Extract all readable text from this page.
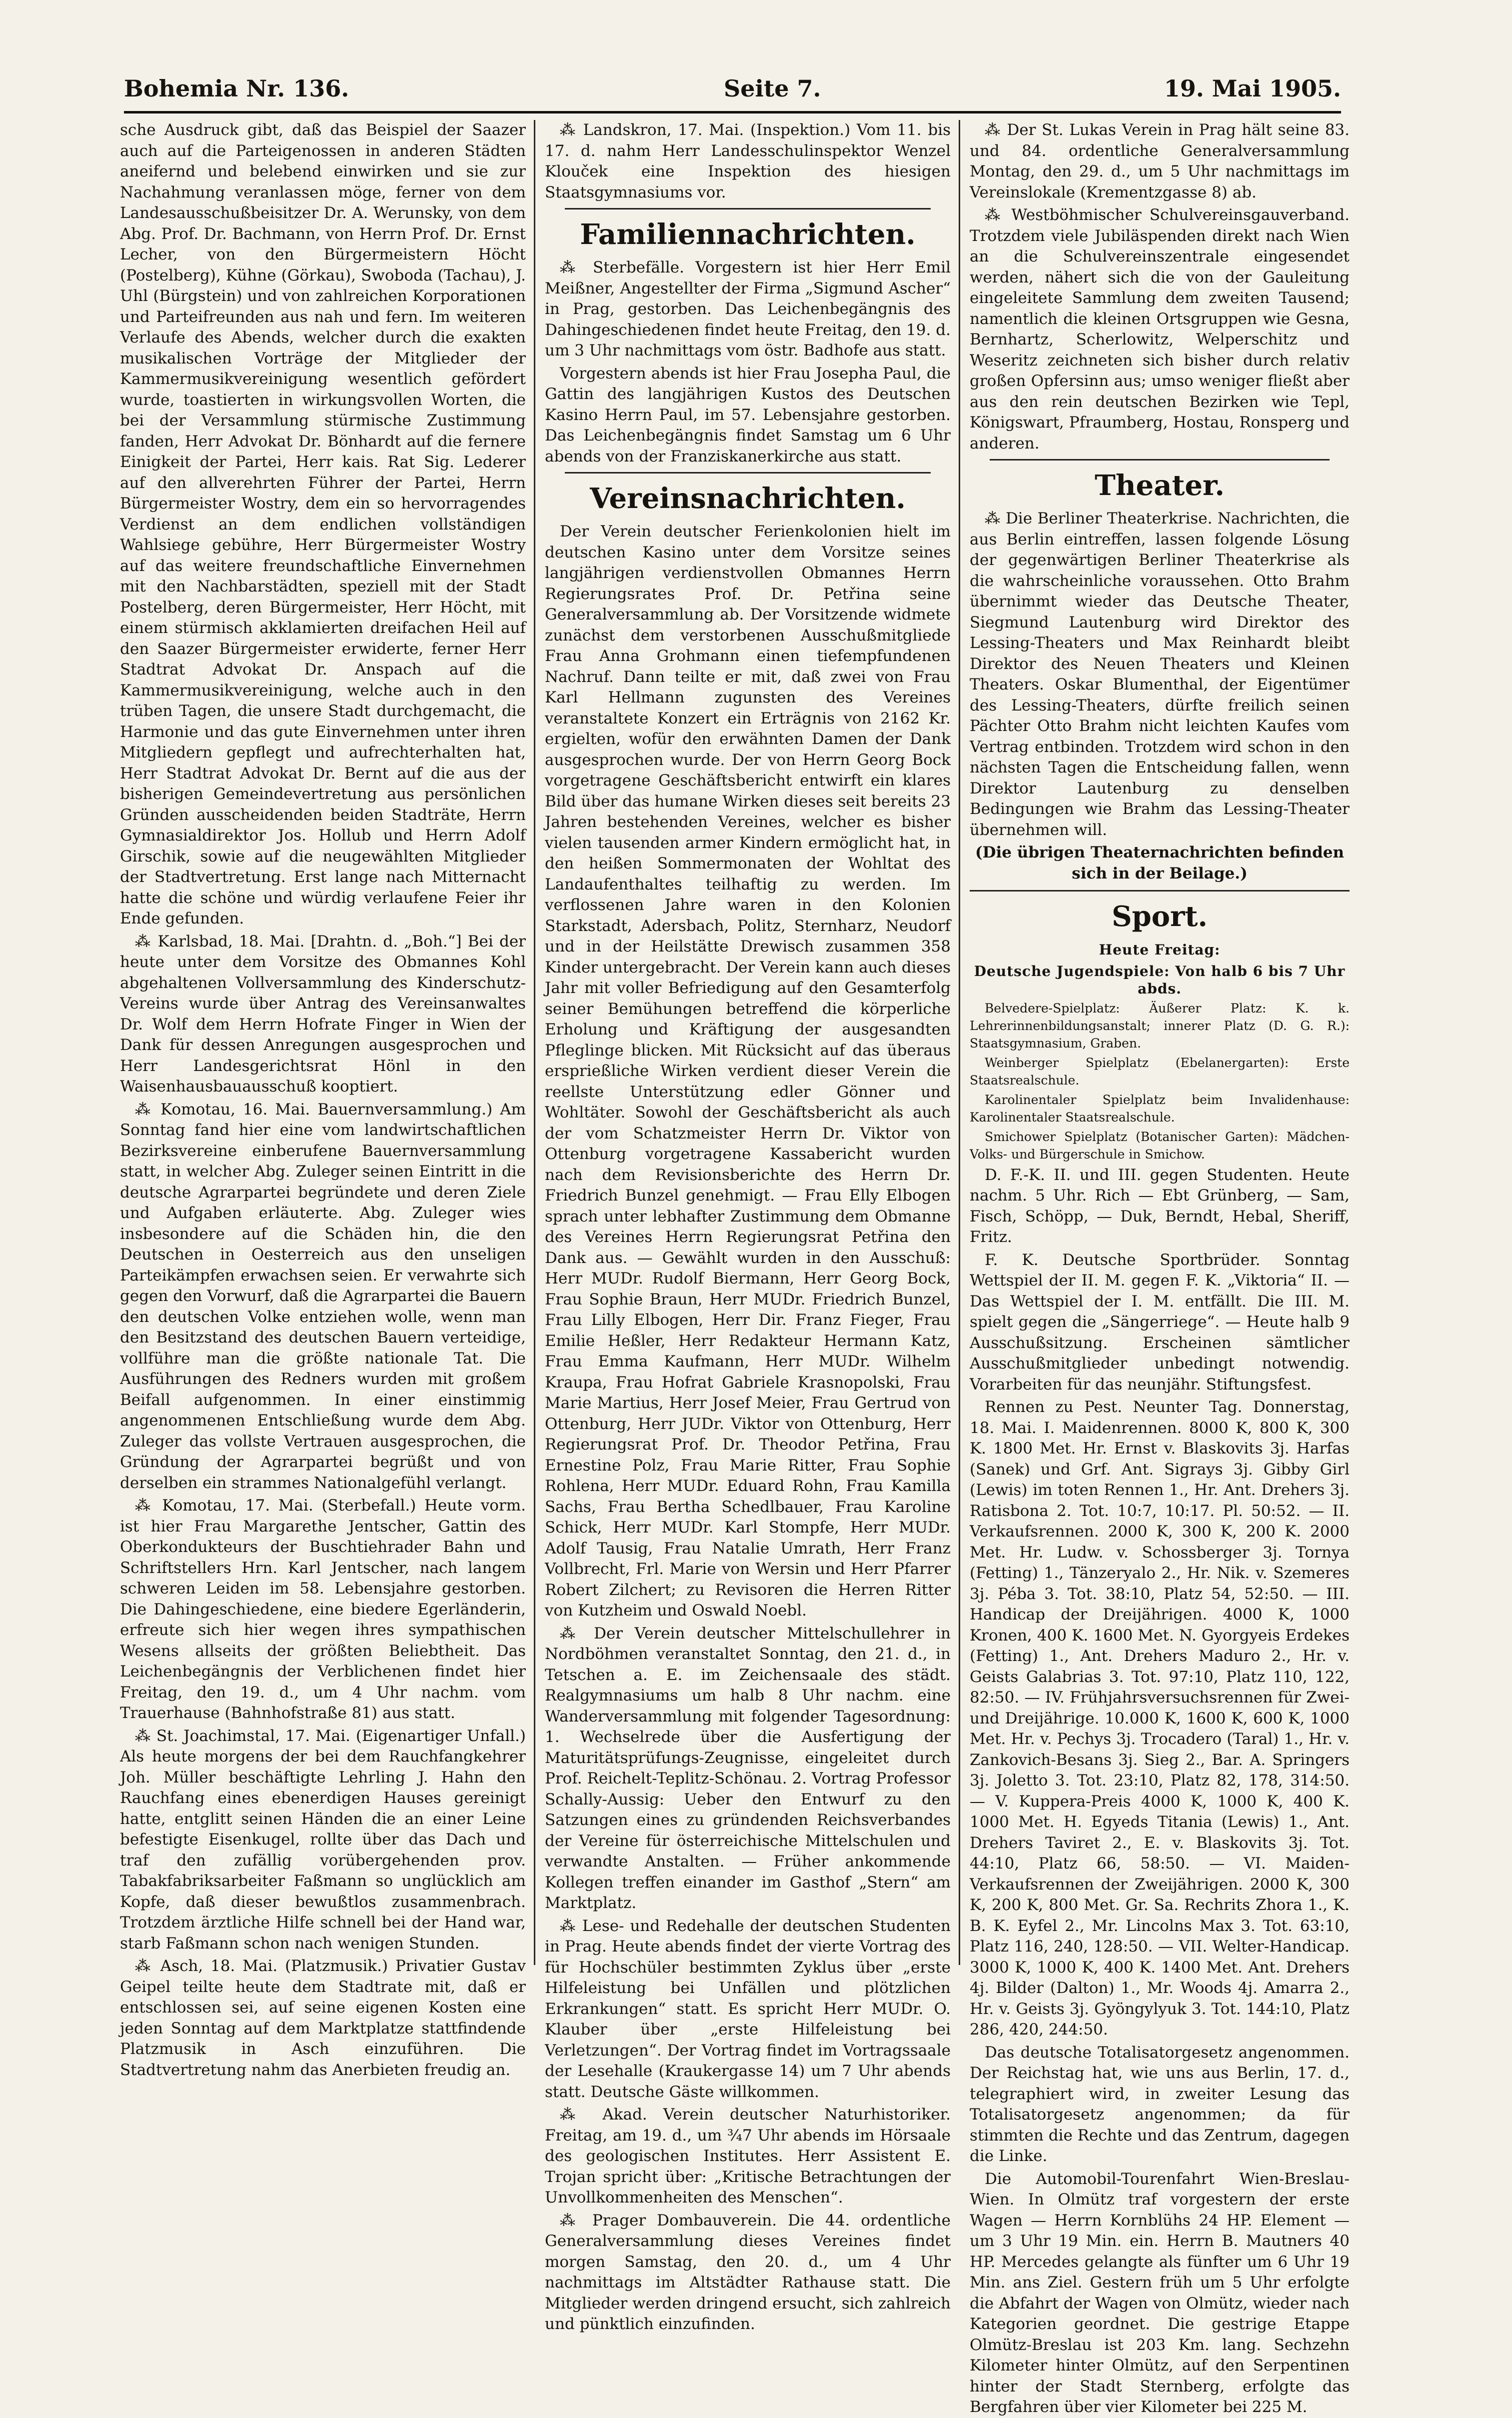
Bohemia Nr. 136.	Seite 7.	19. Mai 1905.

sche Ausdruck gibt, daß das Beispiel der Saazer auch auf die Parteigenossen in anderen Städten aneifernd und belebend einwirken und sie zur Nachahmung veranlassen möge, ferner von dem Landesausschußbeisitzer Dr. A. Werunsky, von dem Abg. Prof. Dr. Bachmann, von Herrn Prof. Dr. Ernst Lecher, von den Bürgermeistern Höcht (Postelberg), Kühne (Görkau), Swoboda (Tachau), J. Uhl (Bürgstein) und von zahlreichen Korporationen und Parteifreunden aus nah und fern. Im weiteren Verlaufe des Abends, welcher durch die exakten musikalischen Vorträge der Mitglieder der Kammermusikvereinigung wesentlich gefördert wurde, toastierten in wirkungsvollen Worten, die bei der Versammlung stürmische Zustimmung fanden, Herr Advokat Dr. Bönhardt auf die fernere Einigkeit der Partei, Herr kais. Rat Sig. Lederer auf den allverehrten Führer der Partei, Herrn Bürgermeister Wostry, dem ein so hervorragendes Verdienst an dem endlichen vollständigen Wahlsiege gebühre, Herr Bürgermeister Wostry auf das weitere freundschaftliche Einvernehmen mit den Nachbarstädten, speziell mit der Stadt Postelberg, deren Bürgermeister, Herr Höcht, mit einem stürmisch akklamierten dreifachen Heil auf den Saazer Bürgermeister erwiderte, ferner Herr Stadtrat Advokat Dr. Anspach auf die Kammermusikvereinigung, welche auch in den trüben Tagen, die unsere Stadt durchgemacht, die Harmonie und das gute Einvernehmen unter ihren Mitgliedern gepflegt und aufrechterhalten hat, Herr Stadtrat Advokat Dr. Bernt auf die aus der bisherigen Gemeindevertretung aus persönlichen Gründen ausscheidenden beiden Stadträte, Herrn Gymnasialdirektor Jos. Hollub und Herrn Adolf Girschik, sowie auf die neugewählten Mitglieder der Stadtvertretung. Erst lange nach Mitternacht hatte die schöne und würdig verlaufene Feier ihr Ende gefunden.

⁂ Karlsbad, 18. Mai. [Drahtn. d. „Boh.“] Bei der heute unter dem Vorsitze des Obmannes Kohl abgehaltenen Vollversammlung des Kinderschutz-Vereins wurde über Antrag des Vereinsanwaltes Dr. Wolf dem Herrn Hofrate Finger in Wien der Dank für dessen Anregungen ausgesprochen und Herr Landesgerichtsrat Hönl in den Waisenhausbauausschuß kooptiert.

⁂ Komotau, 16. Mai. Bauernversammlung.) Am Sonntag fand hier eine vom landwirtschaftlichen Bezirksvereine einberufene Bauernversammlung statt, in welcher Abg. Zuleger seinen Eintritt in die deutsche Agrarpartei begründete und deren Ziele und Aufgaben erläuterte. Abg. Zuleger wies insbesondere auf die Schäden hin, die den Deutschen in Oesterreich aus den unseligen Parteikämpfen erwachsen seien. Er verwahrte sich gegen den Vorwurf, daß die Agrarpartei die Bauern den deutschen Volke entziehen wolle, wenn man den Besitzstand des deutschen Bauern verteidige, vollführe man die größte nationale Tat. Die Ausführungen des Redners wurden mit großem Beifall aufgenommen. In einer einstimmig angenommenen Entschließung wurde dem Abg. Zuleger das vollste Vertrauen ausgesprochen, die Gründung der Agrarpartei begrüßt und von derselben ein strammes Nationalgefühl verlangt.

⁂ Komotau, 17. Mai. (Sterbefall.) Heute vorm. ist hier Frau Margarethe Jentscher, Gattin des Oberkondukteurs der Buschtiehrader Bahn und Schriftstellers Hrn. Karl Jentscher, nach langem schweren Leiden im 58. Lebensjahre gestorben. Die Dahingeschiedene, eine biedere Egerländerin, erfreute sich hier wegen ihres sympathischen Wesens allseits der größten Beliebtheit. Das Leichenbegängnis der Verblichenen findet hier Freitag, den 19. d., um 4 Uhr nachm. vom Trauerhause (Bahnhofstraße 81) aus statt.

⁂ St. Joachimstal, 17. Mai. (Eigenartiger Unfall.) Als heute morgens der bei dem Rauchfangkehrer Joh. Müller beschäftigte Lehrling J. Hahn den Rauchfang eines ebenerdigen Hauses gereinigt hatte, entglitt seinen Händen die an einer Leine befestigte Eisenkugel, rollte über das Dach und traf den zufällig vorübergehenden prov. Tabakfabriksarbeiter Faßmann so unglücklich am Kopfe, daß dieser bewußtlos zusammenbrach. Trotzdem ärztliche Hilfe schnell bei der Hand war, starb Faßmann schon nach wenigen Stunden.

⁂ Asch, 18. Mai. (Platzmusik.) Privatier Gustav Geipel teilte heute dem Stadtrate mit, daß er entschlossen sei, auf seine eigenen Kosten eine jeden Sonntag auf dem Marktplatze stattfindende Platzmusik in Asch einzuführen. Die Stadtvertretung nahm das Anerbieten freudig an.

⁂ Landskron, 17. Mai. (Inspektion.) Vom 11. bis 17. d. nahm Herr Landesschulinspektor Wenzel Klouček eine Inspektion des hiesigen Staatsgymnasiums vor.

Familiennachrichten.

⁂ Sterbefälle. Vorgestern ist hier Herr Emil Meißner, Angestellter der Firma „Sigmund Ascher“ in Prag, gestorben. Das Leichenbegängnis des Dahingeschiedenen findet heute Freitag, den 19. d. um 3 Uhr nachmittags vom östr. Badhofe aus statt.

Vorgestern abends ist hier Frau Josepha Paul, die Gattin des langjährigen Kustos des Deutschen Kasino Herrn Paul, im 57. Lebensjahre gestorben. Das Leichenbegängnis findet Samstag um 6 Uhr abends von der Franziskanerkirche aus statt.

Vereinsnachrichten.

Der Verein deutscher Ferienkolonien hielt im deutschen Kasino unter dem Vorsitze seines langjährigen verdienstvollen Obmannes Herrn Regierungsrates Prof. Dr. Petřina seine Generalversammlung ab. Der Vorsitzende widmete zunächst dem verstorbenen Ausschußmitgliede Frau Anna Grohmann einen tiefempfundenen Nachruf. Dann teilte er mit, daß zwei von Frau Karl Hellmann zugunsten des Vereines veranstaltete Konzert ein Erträgnis von 2162 Kr. ergielten, wofür den erwähnten Damen der Dank ausgesprochen wurde. Der von Herrn Georg Bock vorgetragene Geschäftsbericht entwirft ein klares Bild über das humane Wirken dieses seit bereits 23 Jahren bestehenden Vereines, welcher es bisher vielen tausenden armer Kindern ermöglicht hat, in den heißen Sommermonaten der Wohltat des Landaufenthaltes teilhaftig zu werden. Im verflossenen Jahre waren in den Kolonien Starkstadt, Adersbach, Politz, Sternharz, Neudorf und in der Heilstätte Drewisch zusammen 358 Kinder untergebracht. Der Verein kann auch dieses Jahr mit voller Befriedigung auf den Gesamterfolg seiner Bemühungen betreffend die körperliche Erholung und Kräftigung der ausgesandten Pfleglinge blicken. Mit Rücksicht auf das überaus ersprießliche Wirken verdient dieser Verein die reellste Unterstützung edler Gönner und Wohltäter. Sowohl der Geschäftsbericht als auch der vom Schatzmeister Herrn Dr. Viktor von Ottenburg vorgetragene Kassabericht wurden nach dem Revisionsberichte des Herrn Dr. Friedrich Bunzel genehmigt. — Frau Elly Elbogen sprach unter lebhafter Zustimmung dem Obmanne des Vereines Herrn Regierungsrat Petřina den Dank aus. — Gewählt wurden in den Ausschuß: Herr MUDr. Rudolf Biermann, Herr Georg Bock, Frau Sophie Braun, Herr MUDr. Friedrich Bunzel, Frau Lilly Elbogen, Herr Dir. Franz Fieger, Frau Emilie Heßler, Herr Redakteur Hermann Katz, Frau Emma Kaufmann, Herr MUDr. Wilhelm Kraupa, Frau Hofrat Gabriele Krasnopolski, Frau Marie Martius, Herr Josef Meier, Frau Gertrud von Ottenburg, Herr JUDr. Viktor von Ottenburg, Herr Regierungsrat Prof. Dr. Theodor Petřina, Frau Ernestine Polz, Frau Marie Ritter, Frau Sophie Rohlena, Herr MUDr. Eduard Rohn, Frau Kamilla Sachs, Frau Bertha Schedlbauer, Frau Karoline Schick, Herr MUDr. Karl Stompfe, Herr MUDr. Adolf Tausig, Frau Natalie Umrath, Herr Franz Vollbrecht, Frl. Marie von Wersin und Herr Pfarrer Robert Zilchert; zu Revisoren die Herren Ritter von Kutzheim und Oswald Noebl.

⁂ Der Verein deutscher Mittelschullehrer in Nordböhmen veranstaltet Sonntag, den 21. d., in Tetschen a. E. im Zeichensaale des städt. Realgymnasiums um halb 8 Uhr nachm. eine Wanderversammlung mit folgender Tagesordnung: 1. Wechselrede über die Ausfertigung der Maturitätsprüfungs-Zeugnisse, eingeleitet durch Prof. Reichelt-Teplitz-Schönau. 2. Vortrag Professor Schally-Aussig: Ueber den Entwurf zu den Satzungen eines zu gründenden Reichsverbandes der Vereine für österreichische Mittelschulen und verwandte Anstalten. — Früher ankommende Kollegen treffen einander im Gasthof „Stern“ am Marktplatz.

⁂ Lese- und Redehalle der deutschen Studenten in Prag. Heute abends findet der vierte Vortrag des für Hochschüler bestimmten Zyklus über „erste Hilfeleistung bei Unfällen und plötzlichen Erkrankungen“ statt. Es spricht Herr MUDr. O. Klauber über „erste Hilfeleistung bei Verletzungen“. Der Vortrag findet im Vortragssaale der Lesehalle (Kraukergasse 14) um 7 Uhr abends statt. Deutsche Gäste willkommen.

⁂ Akad. Verein deutscher Naturhistoriker. Freitag, am 19. d., um ¾7 Uhr abends im Hörsaale des geologischen Institutes. Herr Assistent E. Trojan spricht über: „Kritische Betrachtungen der Unvollkommenheiten des Menschen“.

⁂ Prager Dombauverein. Die 44. ordentliche Generalversammlung dieses Vereines findet morgen Samstag, den 20. d., um 4 Uhr nachmittags im Altstädter Rathause statt. Die Mitglieder werden dringend ersucht, sich zahlreich und pünktlich einzufinden.

⁂ Der St. Lukas Verein in Prag hält seine 83. und 84. ordentliche Generalversammlung Montag, den 29. d., um 5 Uhr nachmittags im Vereinslokale (Krementzgasse 8) ab.

⁂ Westböhmischer Schulvereinsgauverband. Trotzdem viele Jubiläspenden direkt nach Wien an die Schulvereinszentrale eingesendet werden, nähert sich die von der Gauleitung eingeleitete Sammlung dem zweiten Tausend; namentlich die kleinen Ortsgruppen wie Gesna, Bernhartz, Scherlowitz, Welperschitz und Weseritz zeichneten sich bisher durch relativ großen Opfersinn aus; umso weniger fließt aber aus den rein deutschen Bezirken wie Tepl, Königswart, Pfraumberg, Hostau, Ronsperg und anderen.

Theater.

⁂ Die Berliner Theaterkrise. Nachrichten, die aus Berlin eintreffen, lassen folgende Lösung der gegenwärtigen Berliner Theaterkrise als die wahrscheinliche voraussehen. Otto Brahm übernimmt wieder das Deutsche Theater, Siegmund Lautenburg wird Direktor des Lessing-Theaters und Max Reinhardt bleibt Direktor des Neuen Theaters und Kleinen Theaters. Oskar Blumenthal, der Eigentümer des Lessing-Theaters, dürfte freilich seinen Pächter Otto Brahm nicht leichten Kaufes vom Vertrag entbinden. Trotzdem wird schon in den nächsten Tagen die Entscheidung fallen, wenn Direktor Lautenburg zu denselben Bedingungen wie Brahm das Lessing-Theater übernehmen will.

(Die übrigen Theaternachrichten befinden sich in der Beilage.)

Sport.

Heute Freitag:

Deutsche Jugendspiele: Von halb 6 bis 7 Uhr abds.

Belvedere-Spielplatz: Äußerer Platz: K. k. Lehrerinnenbildungsanstalt; innerer Platz (D. G. R.): Staatsgymnasium, Graben.

Weinberger Spielplatz (Ebelanergarten): Erste Staatsrealschule.

Karolinentaler Spielplatz beim Invalidenhause: Karolinentaler Staatsrealschule.

Smichower Spielplatz (Botanischer Garten): Mädchen-Volks- und Bürgerschule in Smichow.

D. F.-K. II. und III. gegen Studenten. Heute nachm. 5 Uhr. Rich — Ebt Grünberg, — Sam, Fisch, Schöpp, — Duk, Berndt, Hebal, Sheriff, Fritz.

F. K. Deutsche Sportbrüder. Sonntag Wettspiel der II. M. gegen F. K. „Viktoria“ II. — Das Wettspiel der I. M. entfällt. Die III. M. spielt gegen die „Sängerriege“. — Heute halb 9 Ausschußsitzung. Erscheinen sämtlicher Ausschußmitglieder unbedingt notwendig. Vorarbeiten für das neunjähr. Stiftungsfest.

Rennen zu Pest. Neunter Tag. Donnerstag, 18. Mai. I. Maidenrennen. 8000 K, 800 K, 300 K. 1800 Met. Hr. Ernst v. Blaskovits 3j. Harfas (Sanek) und Grf. Ant. Sigrays 3j. Gibby Girl (Lewis) im toten Rennen 1., Hr. Ant. Drehers 3j. Ratisbona 2. Tot. 10:7, 10:17. Pl. 50:52. — II. Verkaufsrennen. 2000 K, 300 K, 200 K. 2000 Met. Hr. Ludw. v. Schossberger 3j. Tornya (Fetting) 1., Tänzeryalo 2., Hr. Nik. v. Szemeres 3j. Péba 3. Tot. 38:10, Platz 54, 52:50. — III. Handicap der Dreijährigen. 4000 K, 1000 Kronen, 400 K. 1600 Met. N. Gyorgyeis Erdekes (Fetting) 1., Ant. Drehers Maduro 2., Hr. v. Geists Galabrias 3. Tot. 97:10, Platz 110, 122, 82:50. — IV. Frühjahrsversuchsrennen für Zwei- und Dreijährige. 10.000 K, 1600 K, 600 K, 1000 Met. Hr. v. Pechys 3j. Trocadero (Taral) 1., Hr. v. Zankovich-Besans 3j. Sieg 2., Bar. A. Springers 3j. Joletto 3. Tot. 23:10, Platz 82, 178, 314:50. — V. Kuppera-Preis 4000 K, 1000 K, 400 K. 1000 Met. H. Egyeds Titania (Lewis) 1., Ant. Drehers Taviret 2., E. v. Blaskovits 3j. Tot. 44:10, Platz 66, 58:50. — VI. Maiden-Verkaufsrennen der Zweijährigen. 2000 K, 300 K, 200 K, 800 Met. Gr. Sa. Rechrits Zhora 1., K. B. K. Eyfel 2., Mr. Lincolns Max 3. Tot. 63:10, Platz 116, 240, 128:50. — VII. Welter-Handicap. 3000 K, 1000 K, 400 K. 1400 Met. Ant. Drehers 4j. Bilder (Dalton) 1., Mr. Woods 4j. Amarra 2., Hr. v. Geists 3j. Gyöngylyuk 3. Tot. 144:10, Platz 286, 420, 244:50.

Das deutsche Totalisatorgesetz angenommen. Der Reichstag hat, wie uns aus Berlin, 17. d., telegraphiert wird, in zweiter Lesung das Totalisatorgesetz angenommen; da für stimmten die Rechte und das Zentrum, dagegen die Linke.

Die Automobil-Tourenfahrt Wien-Breslau-Wien. In Olmütz traf vorgestern der erste Wagen — Herrn Kornblühs 24 HP. Element — um 3 Uhr 19 Min. ein. Herrn B. Mautners 40 HP. Mercedes gelangte als fünfter um 6 Uhr 19 Min. ans Ziel. Gestern früh um 5 Uhr erfolgte die Abfahrt der Wagen von Olmütz, wieder nach Kategorien geordnet. Die gestrige Etappe Olmütz-Breslau ist 203 Km. lang. Sechzehn Kilometer hinter Olmütz, auf den Serpentinen hinter der Stadt Sternberg, erfolgte das Bergfahren über vier Kilometer bei 225 M.
